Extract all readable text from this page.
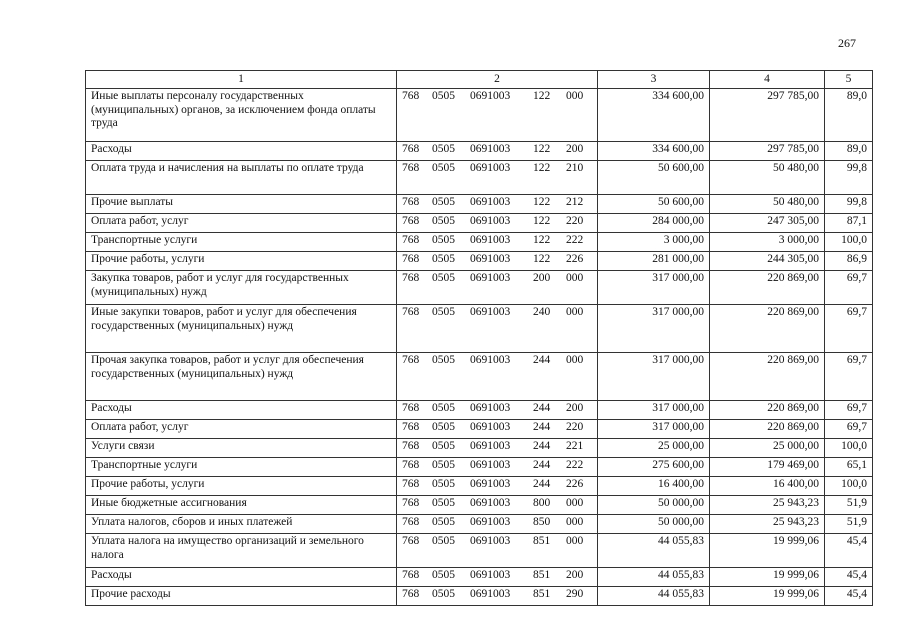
267
1	2	3	4	5
Иные выплаты персоналу государственных (муниципальных) органов, за исключением фонда оплаты труда	768 0505 0691003 122 000	334 600,00	297 785,00	89,0
Расходы	768 0505 0691003 122 200	334 600,00	297 785,00	89,0
Оплата труда и начисления на выплаты по оплате труда	768 0505 0691003 122 210	50 600,00	50 480,00	99,8
Прочие выплаты	768 0505 0691003 122 212	50 600,00	50 480,00	99,8
Оплата работ, услуг	768 0505 0691003 122 220	284 000,00	247 305,00	87,1
Транспортные услуги	768 0505 0691003 122 222	3 000,00	3 000,00	100,0
Прочие работы, услуги	768 0505 0691003 122 226	281 000,00	244 305,00	86,9
Закупка товаров, работ и услуг для государственных (муниципальных) нужд	768 0505 0691003 200 000	317 000,00	220 869,00	69,7
Иные закупки товаров, работ и услуг для обеспечения государственных (муниципальных) нужд	768 0505 0691003 240 000	317 000,00	220 869,00	69,7
Прочая закупка товаров, работ и услуг для обеспечения государственных (муниципальных) нужд	768 0505 0691003 244 000	317 000,00	220 869,00	69,7
Расходы	768 0505 0691003 244 200	317 000,00	220 869,00	69,7
Оплата работ, услуг	768 0505 0691003 244 220	317 000,00	220 869,00	69,7
Услуги связи	768 0505 0691003 244 221	25 000,00	25 000,00	100,0
Транспортные услуги	768 0505 0691003 244 222	275 600,00	179 469,00	65,1
Прочие работы, услуги	768 0505 0691003 244 226	16 400,00	16 400,00	100,0
Иные бюджетные ассигнования	768 0505 0691003 800 000	50 000,00	25 943,23	51,9
Уплата налогов, сборов и иных платежей	768 0505 0691003 850 000	50 000,00	25 943,23	51,9
Уплата налога на имущество организаций и земельного налога	768 0505 0691003 851 000	44 055,83	19 999,06	45,4
Расходы	768 0505 0691003 851 200	44 055,83	19 999,06	45,4
Прочие расходы	768 0505 0691003 851 290	44 055,83	19 999,06	45,4
